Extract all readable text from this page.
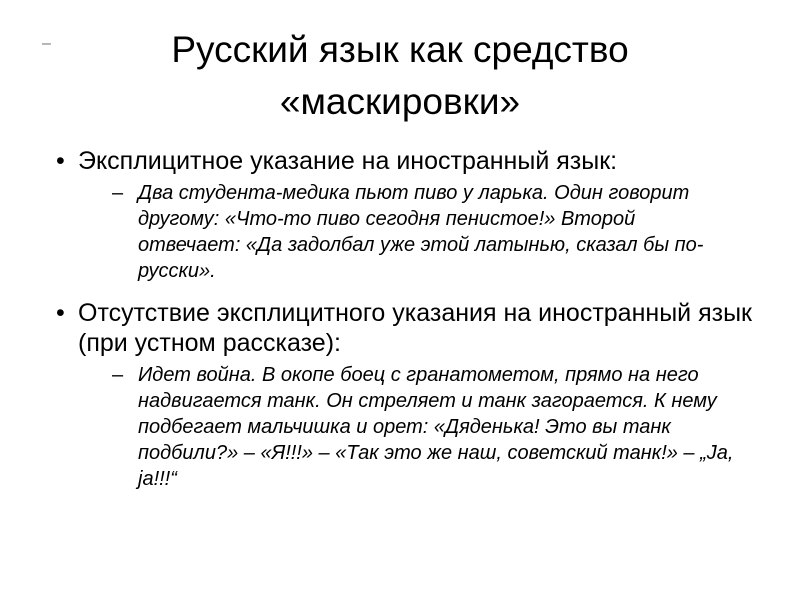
–	Русский язык как средство «маскировки»

• Эксплицитное указание на иностранный язык:

– Два студента-медика пьют пиво у ларька. Один говорит другому: «Что-то пиво сегодня пенистое!» Второй отвечает: «Да задолбал уже этой латынью, сказал бы по-русски».

• Отсутствие эксплицитного указания на иностранный язык (при устном рассказе):

– Идет война. В окопе боец с гранатометом, прямо на него надвигается танк. Он стреляет и танк загорается. К нему подбегает мальчишка и орет: «Дяденька! Это вы танк подбили?» – «Я!!!» – «Так это же наш, советский танк!» – „Ja, ja!!!“
